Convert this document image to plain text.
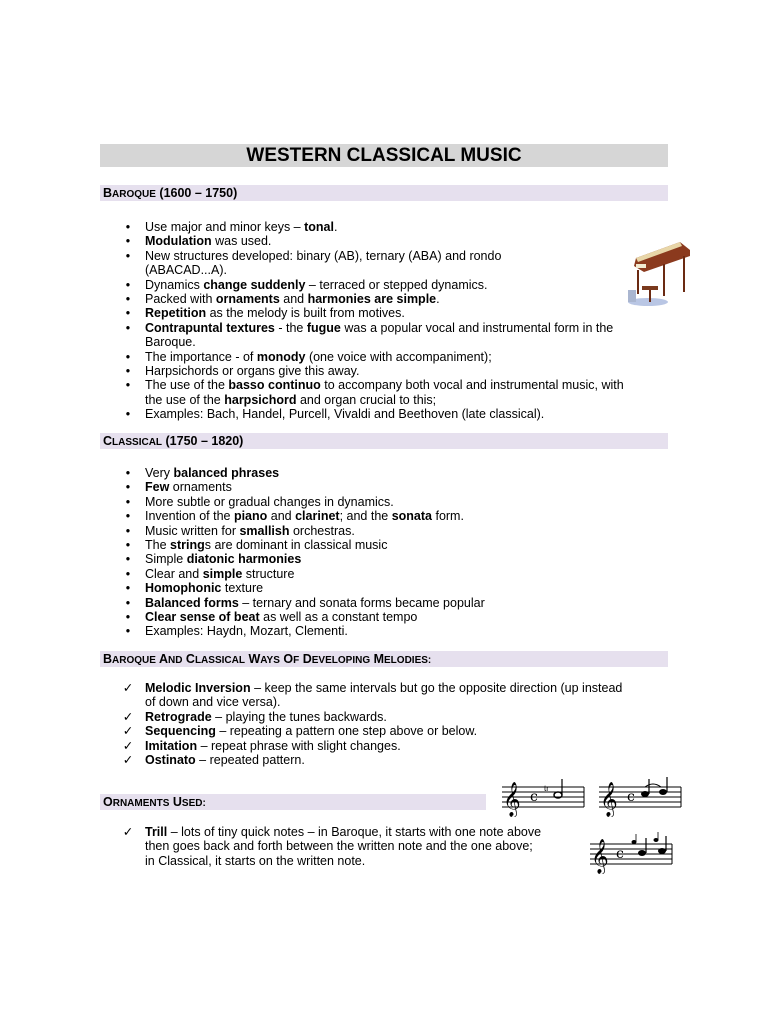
WESTERN CLASSICAL MUSIC
BAROQUE (1600 – 1750)
•	Use major and minor keys – tonal.
•	Modulation was used.
•	New structures developed: binary (AB), ternary (ABA) and rondo
(ABACAD...A).
•	Dynamics change suddenly – terraced or stepped dynamics.
•	Packed with ornaments and harmonies are simple.
•	Repetition as the melody is built from motives.
•	Contrapuntal textures - the fugue was a popular vocal and instrumental form in the
Baroque.
•	The importance - of monody (one voice with accompaniment);
•	Harpsichords or organs give this away.
•	The use of the basso continuo to accompany both vocal and instrumental music, with
the use of the harpsichord and organ crucial to this;
•	Examples: Bach, Handel, Purcell, Vivaldi and Beethoven (late classical).
CLASSICAL (1750 – 1820)
•	Very balanced phrases
•	Few ornaments
•	More subtle or gradual changes in dynamics.
•	Invention of the piano and clarinet; and the sonata form.
•	Music written for smallish orchestras.
•	The strings are dominant in classical music
•	Simple diatonic harmonies
•	Clear and simple structure
•	Homophonic texture
•	Balanced forms – ternary and sonata forms became popular
•	Clear sense of beat as well as a constant tempo
•	Examples: Haydn, Mozart, Clementi.
BAROQUE AND CLASSICAL WAYS OF DEVELOPING MELODIES:
✓ Melodic Inversion – keep the same intervals but go the opposite direction (up instead
of down and vice versa).
✓ Retrograde – playing the tunes backwards.
✓ Sequencing – repeating a pattern one step above or below.
✓ Imitation – repeat phrase with slight changes.
✓ Ostinato – repeated pattern.
ORNAMENTS USED:
✓ Trill – lots of tiny quick notes – in Baroque, it starts with one note above
then goes back and forth between the written note and the one above;
in Classical, it starts on the written note.
𝄞 c
tr 𝄞 c
𝄞 c
